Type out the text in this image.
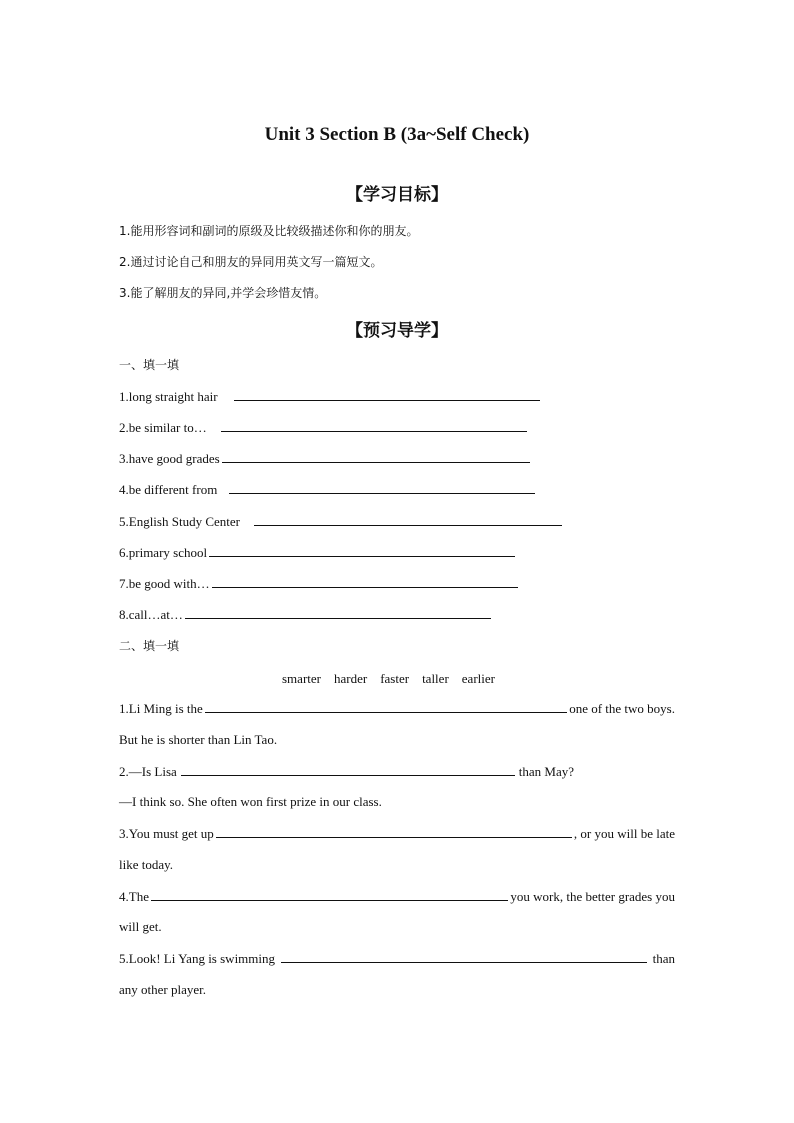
Unit 3 Section B (3a~Self Check)
【学习目标】
1.能用形容词和副词的原级及比较级描述你和你的朋友。
2.通过讨论自己和朋友的异同用英文写一篇短文。
3.能了解朋友的异同,并学会珍惜友情。
【预习导学】
一、填一填
1.long straight hair
2.be similar to…
3.have good grades
4.be different from
5.English Study Center
6.primary school
7.be good with…
8.call…at…
二、填一填
smarter harder faster taller earlier
1.Li Ming is the	one of the two boys.
But he is shorter than Lin Tao.
2.—Is Lisa	than May?
—I think so. She often won first prize in our class.
3.You must get up	, or you will be late
like today.
4.The	you work, the better grades you
will get.
5.Look! Li Yang is swimming	than
any other player.
